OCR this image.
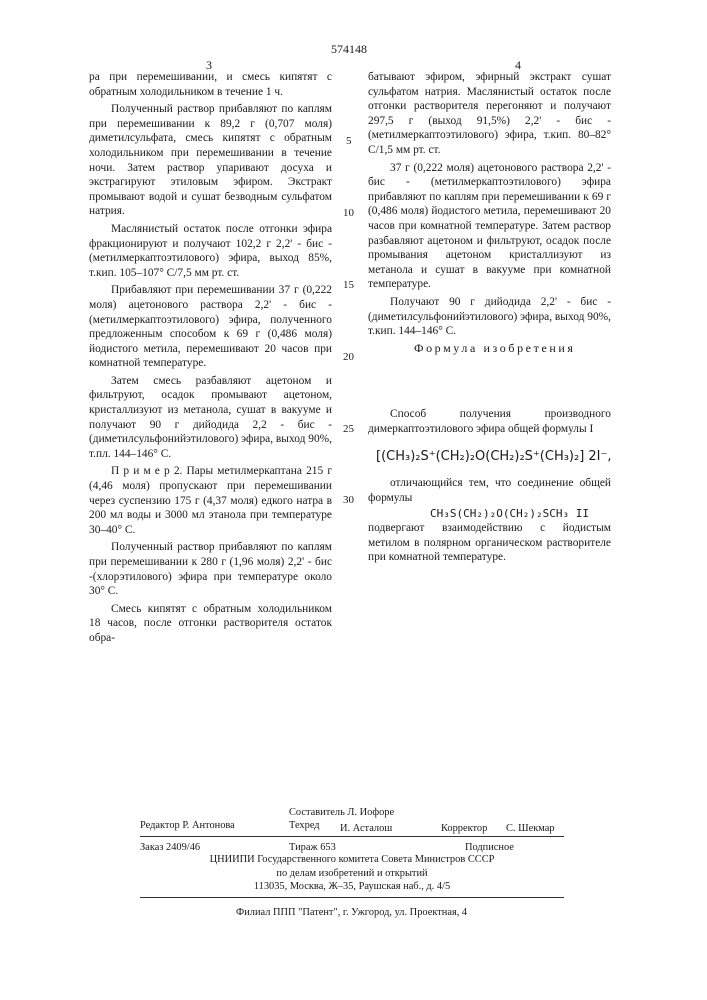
574148
3	4

ра при перемешивании, и смесь кипятят с обратным холодильником в течение 1 ч.

Полученный раствор прибавляют по каплям при перемешивании к 89,2 г (0,707 моля) диметилсульфата, смесь кипятят с обратным холодильником при перемешивании в течение ночи. Затем раствор упаривают досуха и экстрагируют этиловым эфиром. Экстракт промывают водой и сушат безводным сульфатом натрия.

Маслянистый остаток после отгонки эфира фракционируют и получают 102,2 г 2,2' - бис -(метилмеркаптоэтилового) эфира, выход 85%, т.кип. 105–107° С/7,5 мм рт. ст.

Прибавляют при перемешивании 37 г (0,222 моля) ацетонового раствора 2,2' - бис -(метилмеркаптоэтилового) эфира, полученного предложенным способом к 69 г (0,486 моля) йодистого метила, перемешивают 20 часов при комнатной температуре.

Затем смесь разбавляют ацетоном и фильтруют, осадок промывают ацетоном, кристаллизуют из метанола, сушат в вакууме и получают 90 г дийодида 2,2 - бис - (диметилсульфонийэтилового) эфира, выход 90%, т.пл. 144–146° С.

П р и м е р 2. Пары метилмеркаптана 215 г (4,46 моля) пропускают при перемешивании через суспензию 175 г (4,37 моля) едкого натра в 200 мл воды и 3000 мл этанола при температуре 30–40° С.

Полученный раствор прибавляют по каплям при перемешивании к 280 г (1,96 моля) 2,2' - бис -(хлорэтилового) эфира при температуре около 30° С.

Смесь кипятят с обратным холодильником 18 часов, после отгонки растворителя остаток обра-

5
10
15
20
25
30

батывают эфиром, эфирный экстракт сушат сульфатом натрия. Маслянистый остаток после отгонки растворителя перегоняют и получают 297,5 г (выход 91,5%) 2,2' - бис - (метилмеркаптоэтилового) эфира, т.кип. 80–82° С/1,5 мм рт. ст.

37 г (0,222 моля) ацетонового раствора 2,2' - бис - (метилмеркаптоэтилового) эфира прибавляют по каплям при перемешивании к 69 г (0,486 моля) йодистого метила, перемешивают 20 часов при комнатной температуре. Затем раствор разбавляют ацетоном и фильтруют, осадок после промывания ацетоном кристаллизуют из метанола и сушат в вакууме при комнатной температуре.

Получают 90 г дийодида 2,2' - бис - (диметилсульфонийэтилового) эфира, выход 90%, т.кип. 144–146° С.

Формула изобретения

Способ получения производного димеркаптоэтилового эфира общей формулы I

[(CH₃)₂S⁺(CH₂)₂O(CH₂)₂S⁺(CH₃)₂] 2I⁻,

отличающийся тем, что соединение общей формулы

CH₃S(CH₂)₂O(CH₂)₂SCH₃ II

подвергают взаимодействию с йодистым метилом в полярном органическом растворителе при комнатной температуре.

Составитель Л. Иофоре
Редактор Р. Антонова	Техред И. Асталош	Корректор С. Шекмар
Заказ 2409/46	Тираж 653	Подписное
ЦНИИПИ Государственного комитета Совета Министров СССР
по делам изобретений и открытий
113035, Москва, Ж–35, Раушская наб., д. 4/5
Филиал ППП "Патент", г. Ужгород, ул. Проектная, 4
